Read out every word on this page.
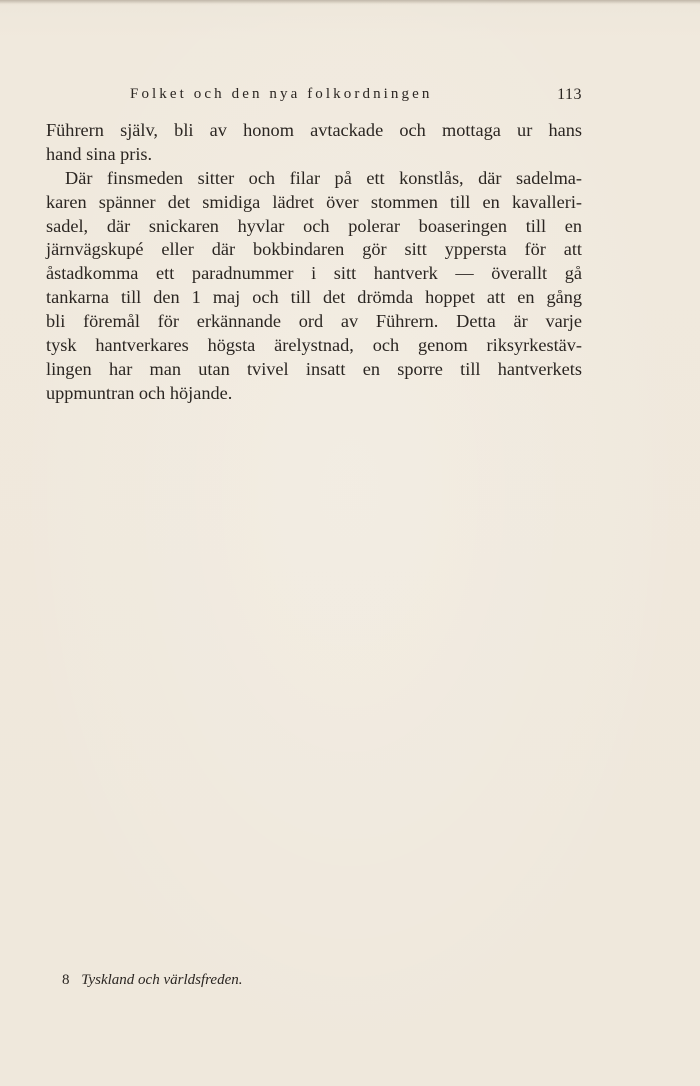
Folket och den nya folkordningen	113
Führern själv, bli av honom avtackade och mottaga ur hans
hand sina pris.
Där finsmeden sitter och filar på ett konstlås, där sadelma-
karen spänner det smidiga lädret över stommen till en kavalleri-
sadel, där snickaren hyvlar och polerar boaseringen till en
järnvägskupé eller där bokbindaren gör sitt yppersta för att
åstadkomma ett paradnummer i sitt hantverk — överallt gå
tankarna till den 1 maj och till det drömda hoppet att en gång
bli föremål för erkännande ord av Führern. Detta är varje
tysk hantverkares högsta ärelystnad, och genom riksyrkestäv-
lingen har man utan tvivel insatt en sporre till hantverkets
uppmuntran och höjande.
8 Tyskland och världsfreden.
